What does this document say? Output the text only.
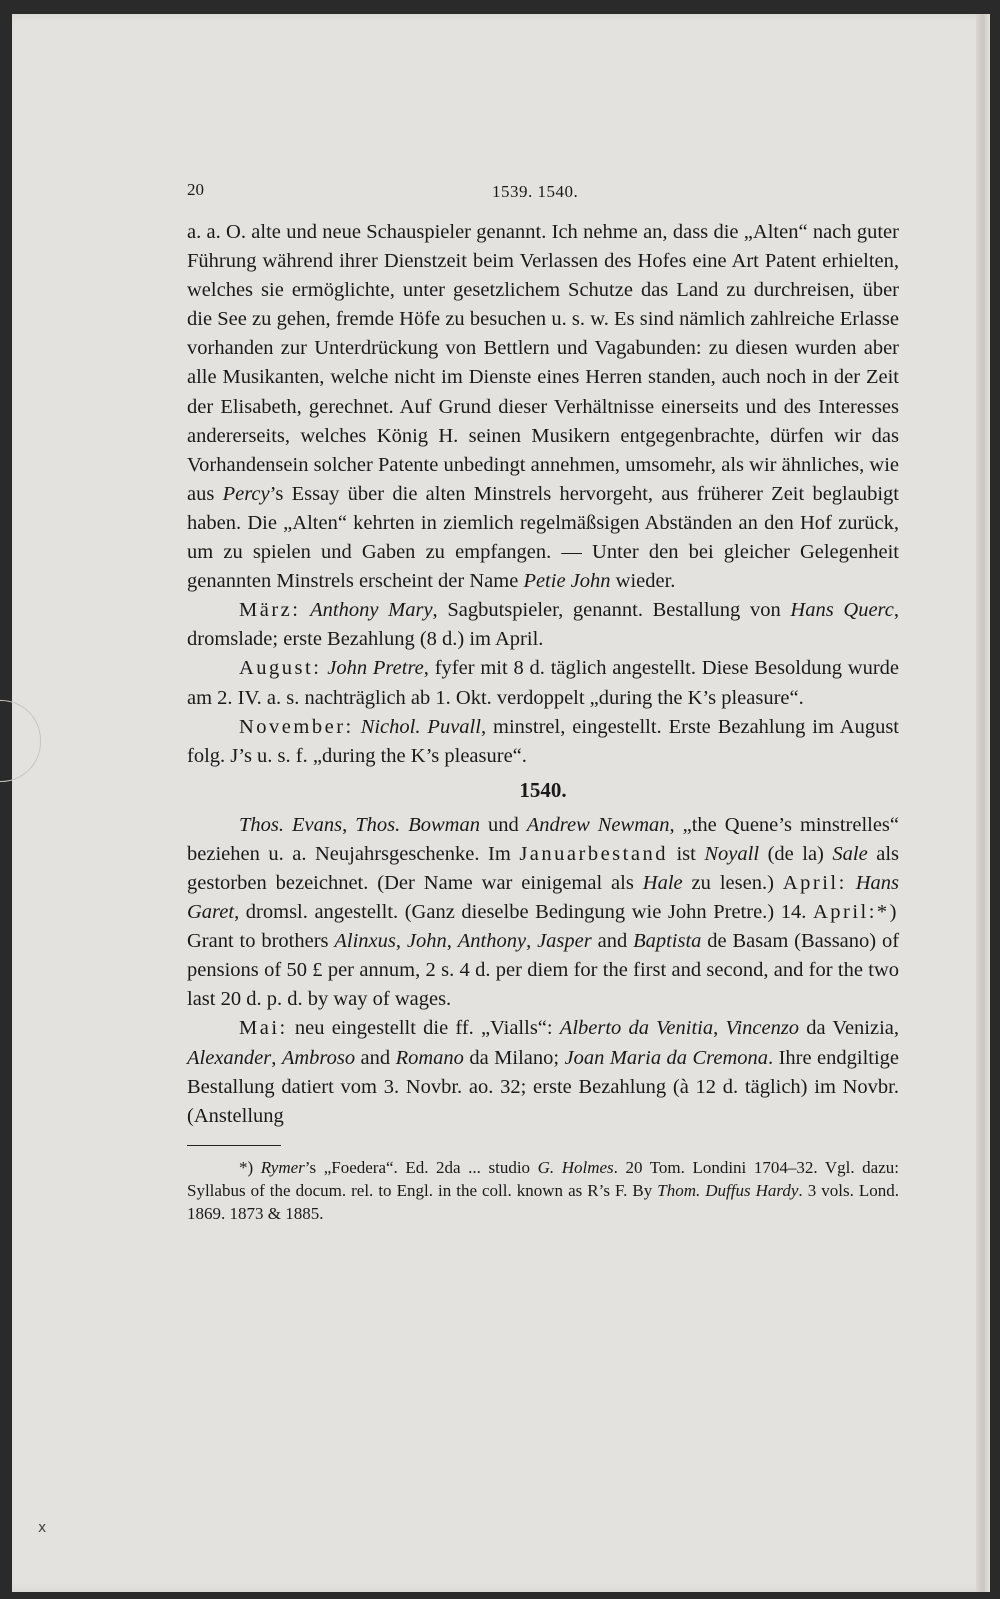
20	1539. 1540.

a. a. O. alte und neue Schauspieler genannt. Ich nehme an, dass die „Alten“ nach guter Führung während ihrer Dienstzeit beim Verlassen des Hofes eine Art Patent erhielten, welches sie ermöglichte, unter gesetzlichem Schutze das Land zu durchreisen, über die See zu gehen, fremde Höfe zu besuchen u. s. w. Es sind nämlich zahlreiche Erlasse vorhanden zur Unterdrückung von Bettlern und Vagabunden: zu diesen wurden aber alle Musikanten, welche nicht im Dienste eines Herren standen, auch noch in der Zeit der Elisabeth, gerechnet. Auf Grund dieser Verhältnisse einerseits und des Interesses andererseits, welches König H. seinen Musikern entgegenbrachte, dürfen wir das Vorhandensein solcher Patente unbedingt annehmen, umsomehr, als wir ähnliches, wie aus Percy’s Essay über die alten Minstrels hervorgeht, aus früherer Zeit beglaubigt haben. Die „Alten“ kehrten in ziemlich regelmäßsigen Abständen an den Hof zurück, um zu spielen und Gaben zu empfangen. — Unter den bei gleicher Gelegenheit genannten Minstrels erscheint der Name Petie John wieder.

März: Anthony Mary, Sagbutspieler, genannt. Bestallung von Hans Querc, dromslade; erste Bezahlung (8 d.) im April.

August: John Pretre, fyfer mit 8 d. täglich angestellt. Diese Besoldung wurde am 2. IV. a. s. nachträglich ab 1. Okt. verdoppelt „during the K’s pleasure“.

November: Nichol. Puvall, minstrel, eingestellt. Erste Bezahlung im August folg. J’s u. s. f. „during the K’s pleasure“.

1540.

Thos. Evans, Thos. Bowman und Andrew Newman, „the Quene’s minstrelles“ beziehen u. a. Neujahrsgeschenke. Im Januarbestand ist Noyall (de la) Sale als gestorben bezeichnet. (Der Name war einigemal als Hale zu lesen.) April: Hans Garet, dromsl. angestellt. (Ganz dieselbe Bedingung wie John Pretre.) 14. April:*) Grant to brothers Alinxus, John, Anthony, Jasper and Baptista de Basam (Bassano) of pensions of 50 £ per annum, 2 s. 4 d. per diem for the first and second, and for the two last 20 d. p. d. by way of wages.

Mai: neu eingestellt die ff. „Vialls“: Alberto da Venitia, Vincenzo da Venizia, Alexander, Ambroso and Romano da Milano; Joan Maria da Cremona. Ihre endgiltige Bestallung datiert vom 3. Novbr. ao. 32; erste Bezahlung (à 12 d. täglich) im Novbr. (Anstellung

*) Rymer’s „Foedera“. Ed. 2da ... studio G. Holmes. 20 Tom. Londini 1704–32. Vgl. dazu: Syllabus of the docum. rel. to Engl. in the coll. known as R’s F. By Thom. Duffus Hardy. 3 vols. Lond. 1869. 1873 & 1885.

x
